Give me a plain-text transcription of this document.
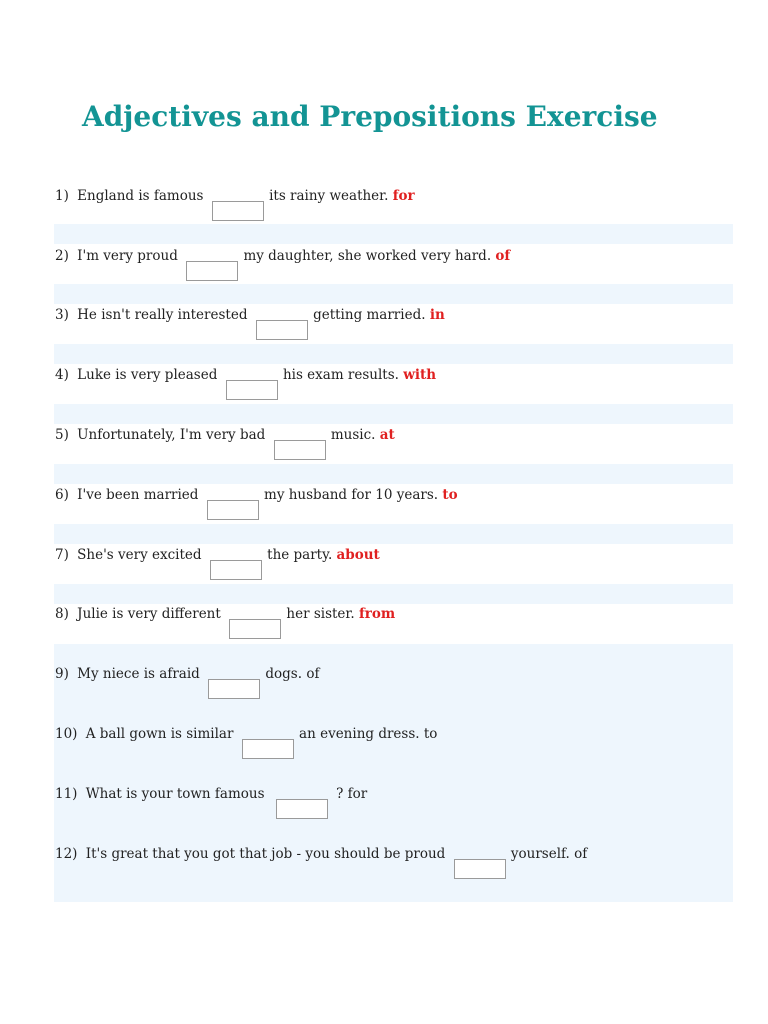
Adjectives and Prepositions Exercise
1) England is famous	its rainy weather. for
2) I'm very proud	my daughter, she worked very hard. of
3) He isn't really interested	getting married. in
4) Luke is very pleased	his exam results. with
5) Unfortunately, I'm very bad	music. at
6) I've been married	my husband for 10 years. to
7) She's very excited	the party. about
8) Julie is very different	her sister. from
9) My niece is afraid	dogs. of
10) A ball gown is similar	an evening dress. to
11) What is your town famous	? for
12) It's great that you got that job - you should be proud	yourself. of
